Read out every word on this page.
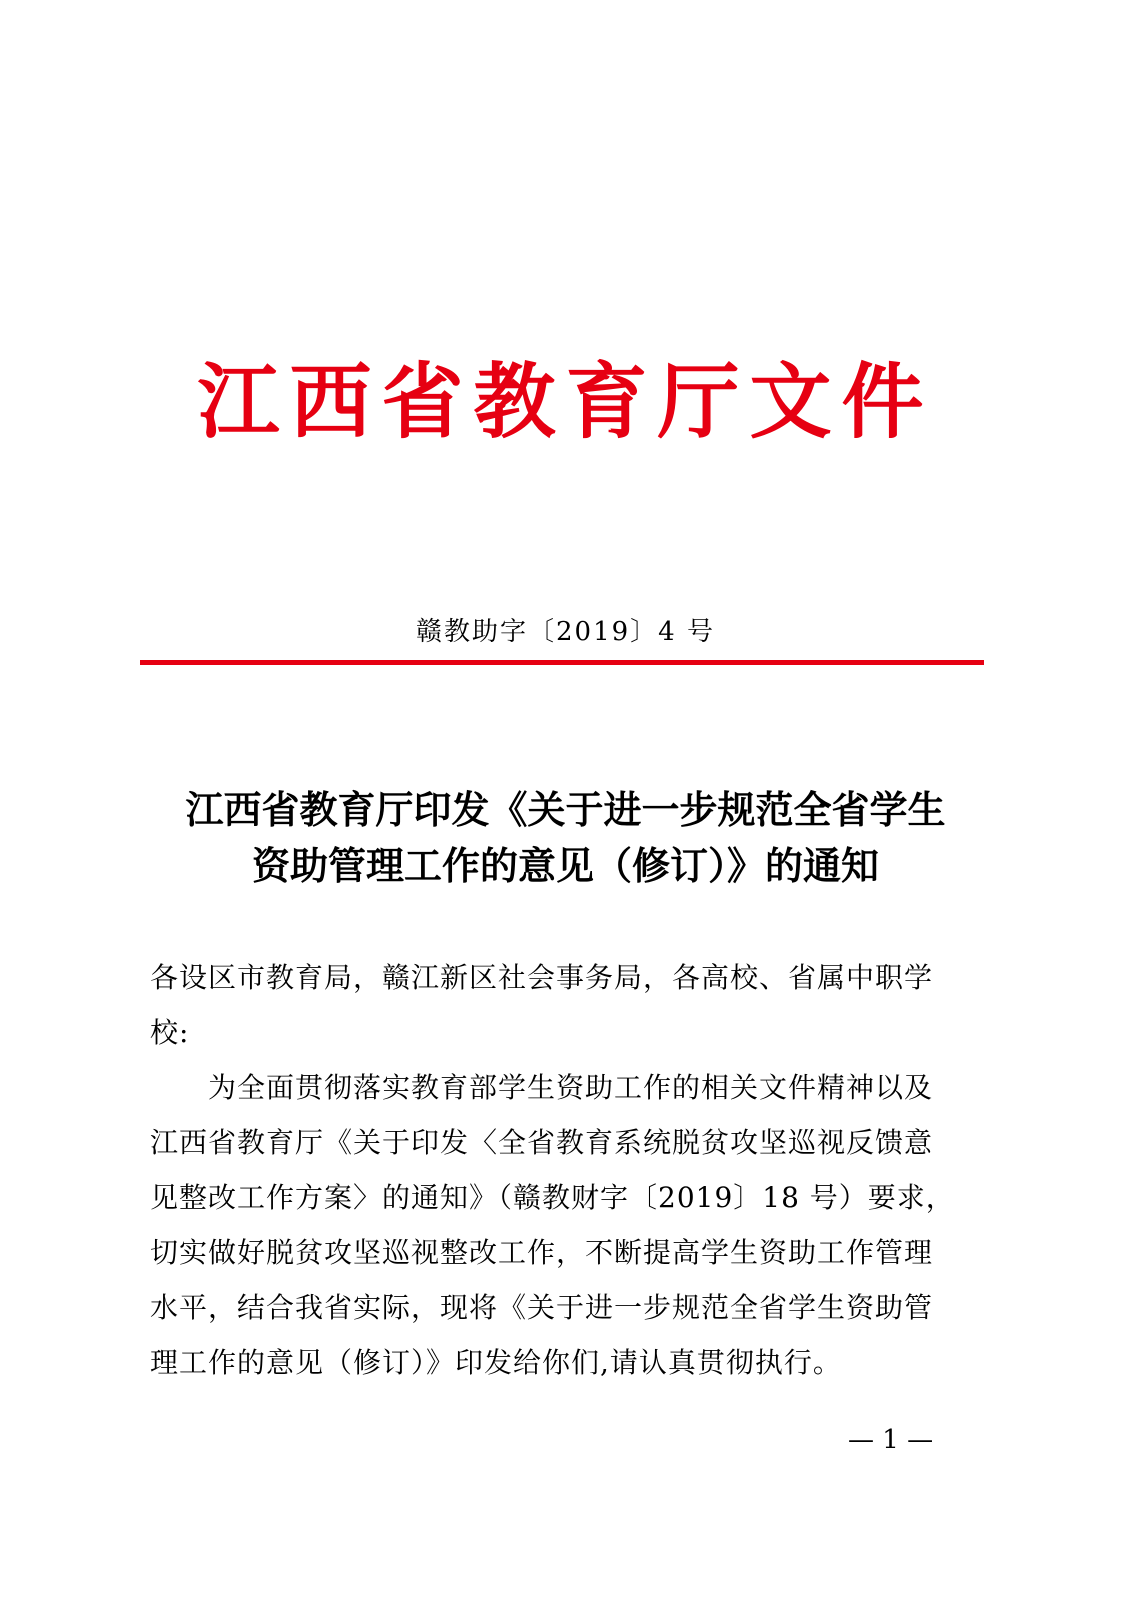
江西省教育厅文件
赣教助字〔2019〕4 号
江西省教育厅印发《关于进一步规范全省学生
资助管理工作的意见（修订）》的通知
各设区市教育局，赣江新区社会事务局，各高校、省属中职学
校:
　　为全面贯彻落实教育部学生资助工作的相关文件精神以及
江西省教育厅《关于印发〈全省教育系统脱贫攻坚巡视反馈意
见整改工作方案〉的通知》（赣教财字〔2019〕18 号）要求，
切实做好脱贫攻坚巡视整改工作，不断提高学生资助工作管理
水平，结合我省实际，现将《关于进一步规范全省学生资助管
理工作的意见（修订）》印发给你们,请认真贯彻执行。
— 1 —
